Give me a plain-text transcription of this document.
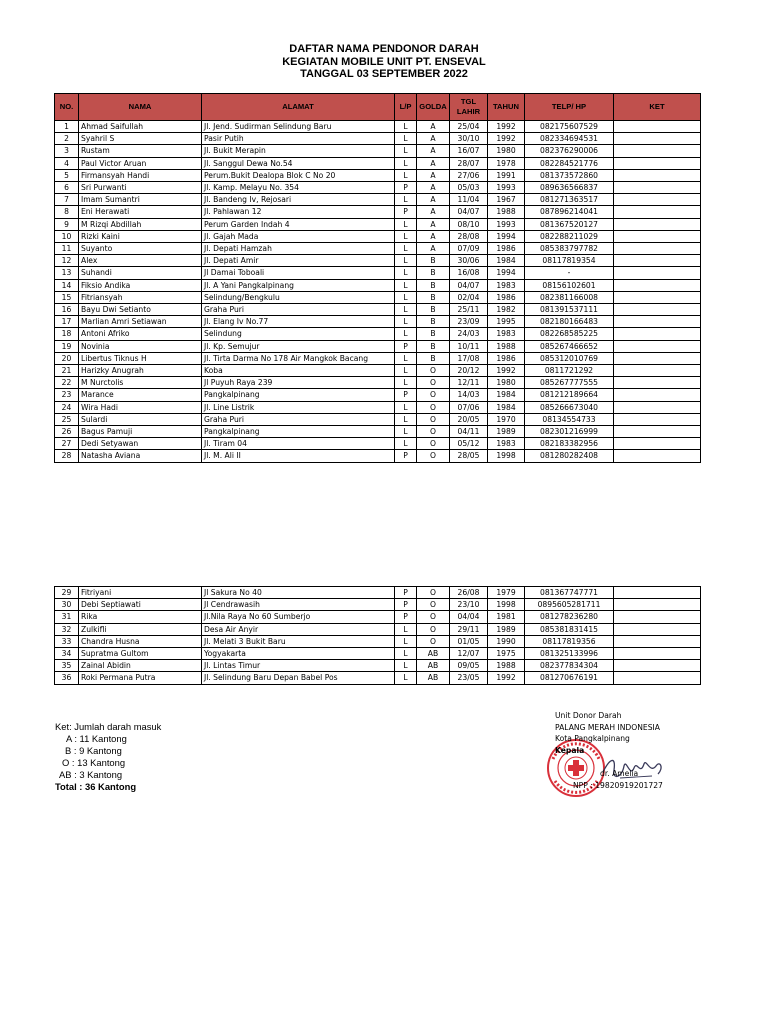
DAFTAR NAMA PENDONOR DARAH
KEGIATAN MOBILE UNIT PT. ENSEVAL
TANGGAL 03 SEPTEMBER 2022
NO.	NAMA	ALAMAT	L/P	GOLDA	TGL LAHIR	TAHUN	TELP/ HP	KET
1	Ahmad Saifullah	Jl. Jend. Sudirman Selindung Baru	L	A	25/04	1992	082175607529	
2	Syahril S	Pasir Putih	L	A	30/10	1992	082334694531	
3	Rustam	Jl. Bukit Merapin	L	A	16/07	1980	082376290006	
4	Paul Victor Aruan	Jl. Sanggul Dewa No.54	L	A	28/07	1978	082284521776	
5	Firmansyah Handi	Perum.Bukit Dealopa Blok C No 20	L	A	27/06	1991	081373572860	
6	Sri Purwanti	Jl. Kamp. Melayu No. 354	P	A	05/03	1993	089636566837	
7	Imam Sumantri	Jl. Bandeng Iv, Rejosari	L	A	11/04	1967	081271363517	
8	Eni Herawati	Jl. Pahlawan 12	P	A	04/07	1988	087896214041	
9	M Rizqi Abdillah	Perum Garden Indah 4	L	A	08/10	1993	081367520127	
10	Rizki Kaini	Jl. Gajah Mada	L	A	28/08	1994	082288211029	
11	Suyanto	Jl. Depati Hamzah	L	A	07/09	1986	085383797782	
12	Alex	Jl. Depati Amir	L	B	30/06	1984	08117819354	
13	Suhandi	Jl Damai Toboali	L	B	16/08	1994	-	
14	Fiksio Andika	Jl. A Yani Pangkalpinang	L	B	04/07	1983	08156102601	
15	Fitriansyah	Selindung/Bengkulu	L	B	02/04	1986	082381166008	
16	Bayu Dwi Setianto	Graha Puri	L	B	25/11	1982	081391537111	
17	Marlian Amri Setiawan	Jl. Elang Iv No.77	L	B	23/09	1995	082180166483	
18	Antoni Afriko	Selindung	L	B	24/03	1983	082268585225	
19	Novinia	Jl. Kp. Semujur	P	B	10/11	1988	085267466652	
20	Libertus Tiknus H	Jl. Tirta Darma No 178 Air Mangkok Bacang	L	B	17/08	1986	085312010769	
21	Harizky Anugrah	Koba	L	O	20/12	1992	0811721292	
22	M Nurctolis	Jl Puyuh Raya 239	L	O	12/11	1980	085267777555	
23	Marance	Pangkalpinang	P	O	14/03	1984	081212189664	
24	Wira Hadi	Jl. Line Listrik	L	O	07/06	1984	085266673040	
25	Sulardi	Graha Puri	L	O	20/05	1970	08134554733	
26	Bagus Pamuji	Pangkalpinang	L	O	04/11	1989	082301216999	
27	Dedi Setyawan	Jl. Tiram 04	L	O	05/12	1983	082183382956	
28	Natasha Aviana	Jl. M. Ali II	P	O	28/05	1998	081280282408	
29	Fitriyani	Jl Sakura No 40	P	O	26/08	1979	081367747771	
30	Debi Septiawati	Jl Cendrawasih	P	O	23/10	1998	0895605281711	
31	Rika	Jl.Nila Raya No 60 Sumberjo	P	O	04/04	1981	081278236280	
32	Zulkifli	Desa Air Anyir	L	O	29/11	1989	085381831415	
33	Chandra Husna	Jl. Melati 3 Bukit Baru	L	O	01/05	1990	08117819356	
34	Supratma Gultom	Yogyakarta	L	AB	12/07	1975	081325133996	
35	Zainal Abidin	Jl. Lintas Timur	L	AB	09/05	1988	082377834304	
36	Roki Permana Putra	Jl. Selindung Baru Depan Babel Pos	L	AB	23/05	1992	081270676191	
Ket: Jumlah darah masuk
A : 11 Kantong
B : 9 Kantong
O : 13 Kantong
AB : 3 Kantong
Total : 36 Kantong
Unit Donor Darah
PALANG MERAH INDONESIA
Kota Pangkalpinang
Kepala
dr. Amelia
NPP : 19820919201727
